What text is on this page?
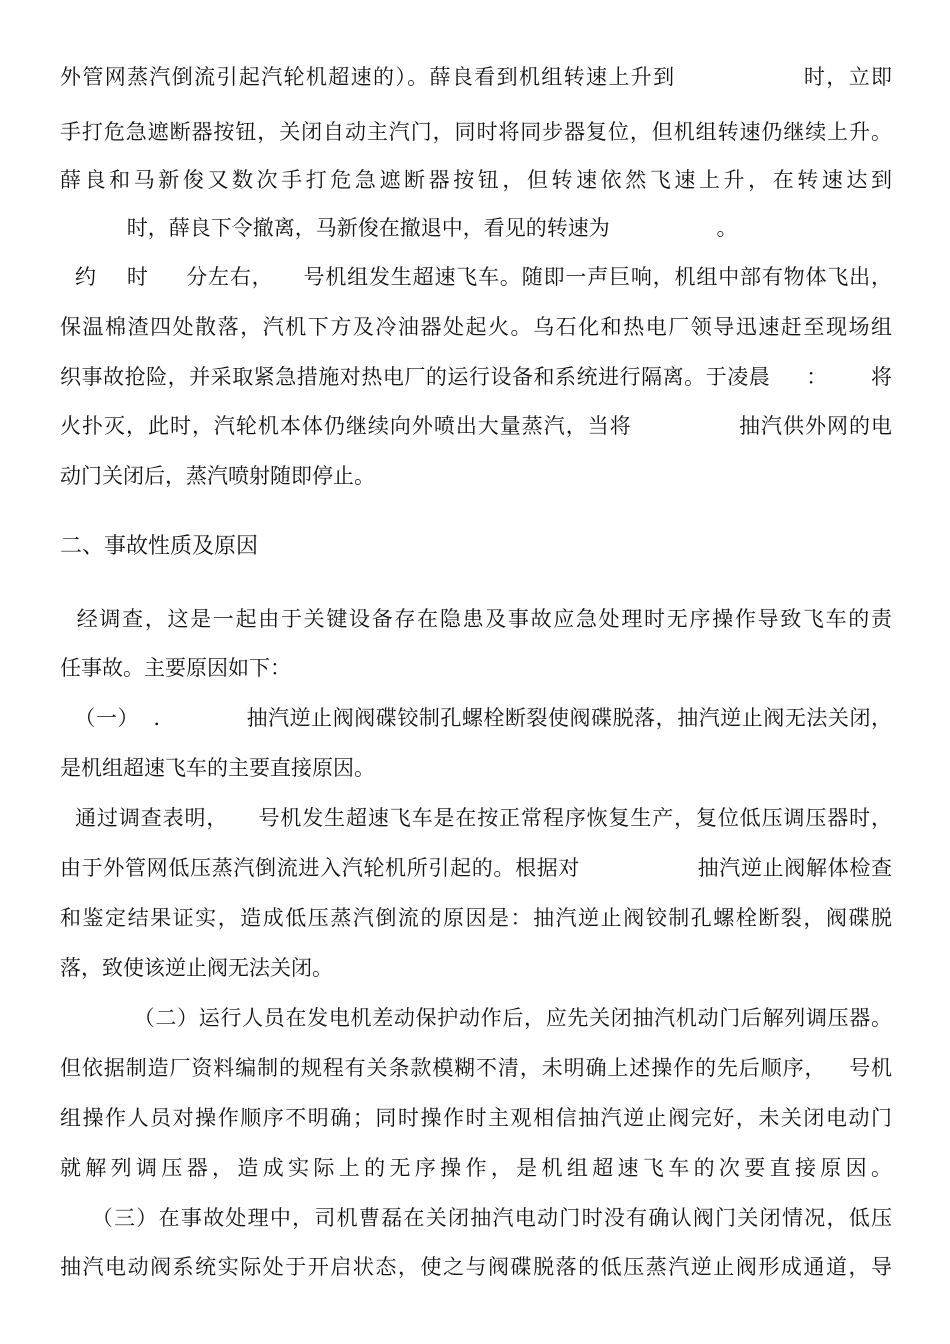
外管网蒸汽倒流引起汽轮机超速的）。薛良看到机组转速上升到                时，立即
手打危急遮断器按钮，关闭自动主汽门，同时将同步器复位，但机组转速仍继续上升。
薛良和马新俊又数次手打危急遮断器按钮，但转速依然飞速上升，在转速达到
时，薛良下令撤离，马新俊在撤退中，看见的转速为                。
约    时     分左右，    号机组发生超速飞车。随即一声巨响，机组中部有物体飞出，
保温棉渣四处散落，汽机下方及冷油器处起火。乌石化和热电厂领导迅速赶至现场组
织事故抢险，并采取紧急措施对热电厂的运行设备和系统进行隔离。于凌晨     ：      将
火扑灭，此时，汽轮机本体仍继续向外喷出大量蒸汽，当将              抽汽供外网的电
动门关闭后，蒸汽喷射随即停止。
二、事故性质及原因
经调查，这是一起由于关键设备存在隐患及事故应急处理时无序操作导致飞车的责
任事故。主要原因如下：
（一）  .            抽汽逆止阀阀碟铰制孔螺栓断裂使阀碟脱落，抽汽逆止阀无法关闭，
是机组超速飞车的主要直接原因。
通过调查表明，    号机发生超速飞车是在按正常程序恢复生产，复位低压调压器时，
由于外管网低压蒸汽倒流进入汽轮机所引起的。根据对                抽汽逆止阀解体检查
和鉴定结果证实，造成低压蒸汽倒流的原因是：抽汽逆止阀铰制孔螺栓断裂，阀碟脱
落，致使该逆止阀无法关闭。
（二）运行人员在发电机差动保护动作后，应先关闭抽汽机动门后解列调压器。
但依据制造厂资料编制的规程有关条款模糊不清，未明确上述操作的先后顺序，   号机
组操作人员对操作顺序不明确；同时操作时主观相信抽汽逆止阀完好，未关闭电动门
就解列调压器，造成实际上的无序操作，是机组超速飞车的次要直接原因。
（三）在事故处理中，司机曹磊在关闭抽汽电动门时没有确认阀门关闭情况，低压
抽汽电动阀系统实际处于开启状态，使之与阀碟脱落的低压蒸汽逆止阀形成通道，导
